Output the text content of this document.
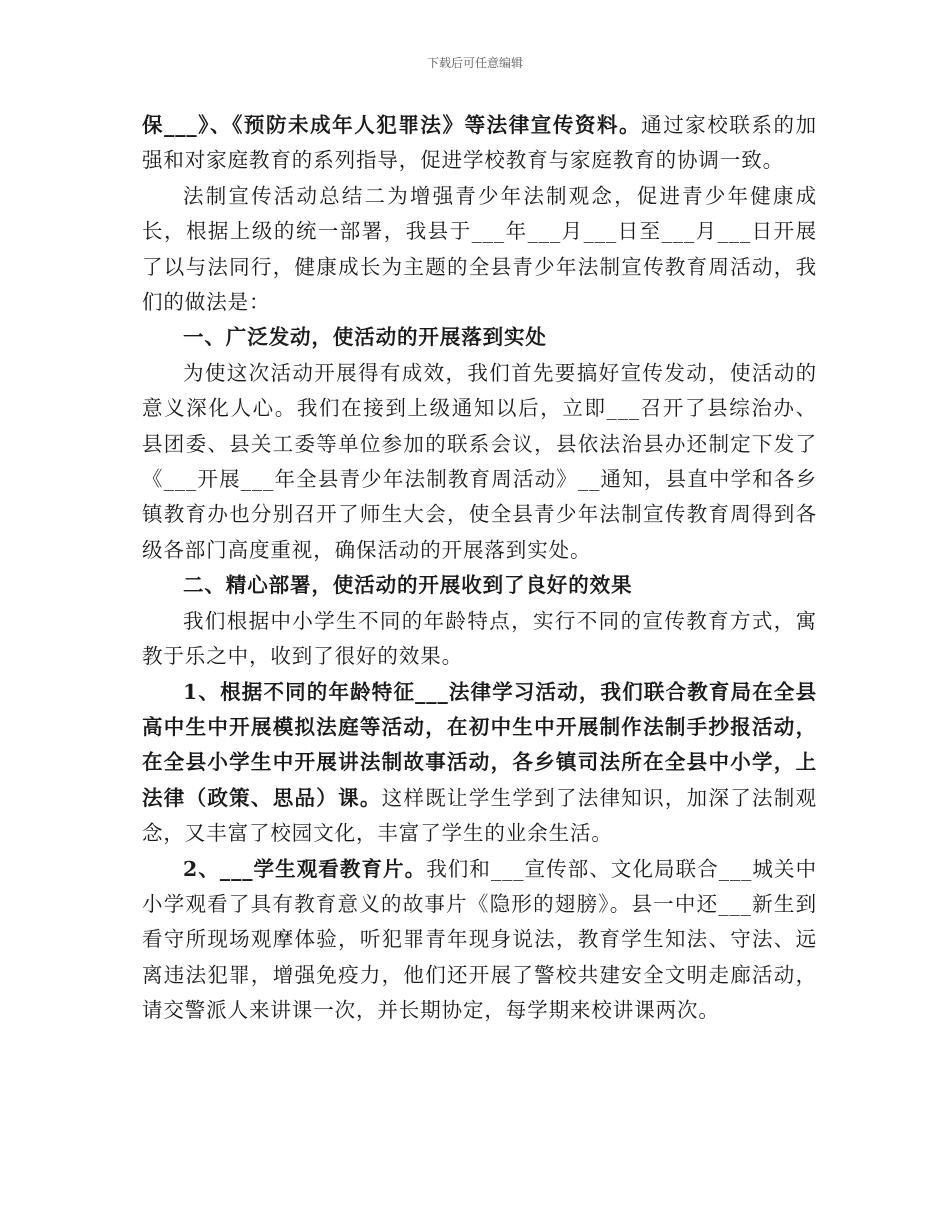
下载后可任意编辑

保___》、《预防未成年人犯罪法》等法律宣传资料。通过家校联系的加强和对家庭教育的系列指导，促进学校教育与家庭教育的协调一致。

法制宣传活动总结二为增强青少年法制观念，促进青少年健康成长，根据上级的统一部署，我县于___年___月___日至___月___日开展了以与法同行，健康成长为主题的全县青少年法制宣传教育周活动，我们的做法是：

一、广泛发动，使活动的开展落到实处

为使这次活动开展得有成效，我们首先要搞好宣传发动，使活动的意义深化人心。我们在接到上级通知以后，立即___召开了县综治办、县团委、县关工委等单位参加的联系会议，县依法治县办还制定下发了《___开展___年全县青少年法制教育周活动》__通知，县直中学和各乡镇教育办也分别召开了师生大会，使全县青少年法制宣传教育周得到各级各部门高度重视，确保活动的开展落到实处。

二、精心部署，使活动的开展收到了良好的效果

我们根据中小学生不同的年龄特点，实行不同的宣传教育方式，寓教于乐之中，收到了很好的效果。

1、根据不同的年龄特征___法律学习活动，我们联合教育局在全县高中生中开展模拟法庭等活动，在初中生中开展制作法制手抄报活动，在全县小学生中开展讲法制故事活动，各乡镇司法所在全县中小学，上法律（政策、思品）课。这样既让学生学到了法律知识，加深了法制观念，又丰富了校园文化，丰富了学生的业余生活。

2、___学生观看教育片。我们和___宣传部、文化局联合___城关中小学观看了具有教育意义的故事片《隐形的翅膀》。县一中还___新生到看守所现场观摩体验，听犯罪青年现身说法，教育学生知法、守法、远离违法犯罪，增强免疫力，他们还开展了警校共建安全文明走廊活动，请交警派人来讲课一次，并长期协定，每学期来校讲课两次。
